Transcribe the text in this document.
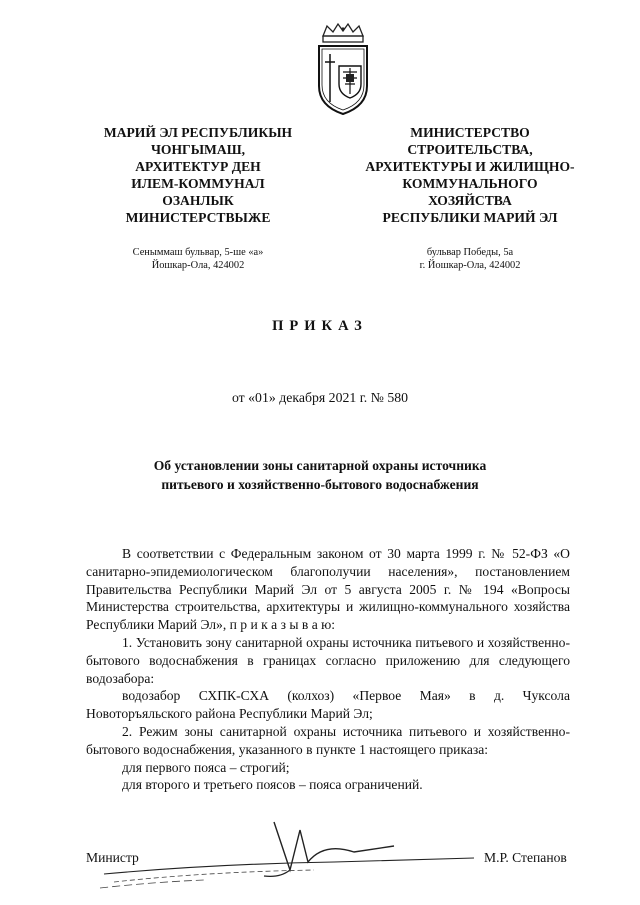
МАРИЙ ЭЛ РЕСПУБЛИКЫН
ЧОНГЫМАШ,
АРХИТЕКТУР ДЕН
ИЛЕМ-КОММУНАЛ
ОЗАНЛЫК
МИНИСТЕРСТВЫЖЕ
МИНИСТЕРСТВО
СТРОИТЕЛЬСТВА,
АРХИТЕКТУРЫ И ЖИЛИЩНО-
КОММУНАЛЬНОГО
ХОЗЯЙСТВА
РЕСПУБЛИКИ МАРИЙ ЭЛ
Сеныммаш бульвар, 5-ше «а»
Йошкар-Ола, 424002
бульвар Победы, 5а
г. Йошкар-Ола, 424002
ПРИКАЗ
от «01» декабря 2021 г. № 580
Об установлении зоны санитарной охраны источника
питьевого и хозяйственно-бытового водоснабжения

В соответствии с Федеральным законом от 30 марта 1999 г. № 52-ФЗ «О санитарно-эпидемиологическом благополучии населения», постановлением Правительства Республики Марий Эл от 5 августа 2005 г. № 194 «Вопросы Министерства строительства, архитектуры и жилищно-коммунального хозяйства Республики Марий Эл», п р и к а з ы в а ю:

1. Установить зону санитарной охраны источника питьевого и хозяйственно-бытового водоснабжения в границах согласно приложению для следующего водозабора:

водозабор СХПК-СХА (колхоз) «Первое Мая» в д. Чуксола Новоторъяльского района Республики Марий Эл;

2. Режим зоны санитарной охраны источника питьевого и хозяйственно-бытового водоснабжения, указанного в пункте 1 настоящего приказа:

для первого пояса – строгий;

для второго и третьего поясов – пояса ограничений.

Министр	М.Р. Степанов
